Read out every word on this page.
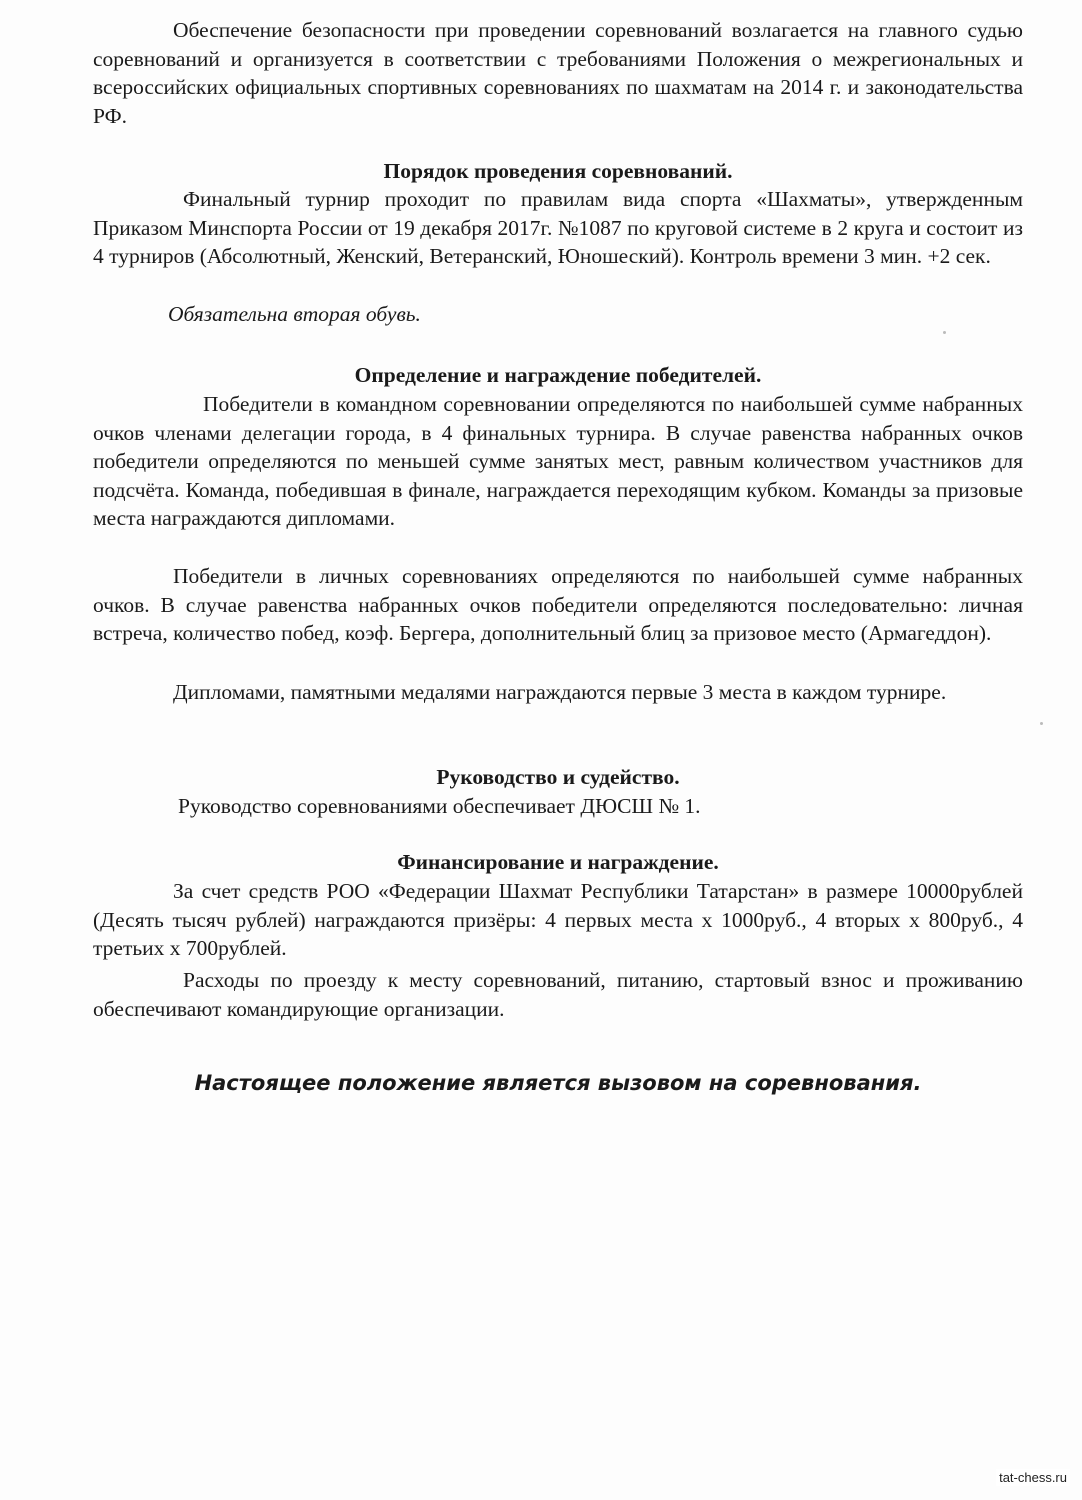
Обеспечение безопасности при проведении соревнований возлагается на главного судью соревнований и организуется в соответствии с требованиями Положения о межрегиональных и всероссийских официальных спортивных соревнованиях по шахматам на 2014 г. и законодательства РФ.

Порядок проведения соревнований.

Финальный турнир проходит по правилам вида спорта «Шахматы», утвержденным Приказом Минспорта России от 19 декабря 2017г. №1087 по круговой системе в 2 круга и состоит из 4 турниров (Абсолютный, Женский, Ветеранский, Юношеский). Контроль времени 3 мин. +2 сек.

Обязательна вторая обувь.
Определение и награждение победителей.

Победители в командном соревновании определяются по наибольшей сумме набранных очков членами делегации города, в 4 финальных турнира. В случае равенства набранных очков победители определяются по меньшей сумме занятых мест, равным количеством участников для подсчёта. Команда, победившая в финале, награждается переходящим кубком. Команды за призовые места награждаются дипломами.

Победители в личных соревнованиях определяются по наибольшей сумме набранных очков. В случае равенства набранных очков победители определяются последовательно: личная встреча, количество побед, коэф. Бергера, дополнительный блиц за призовое место (Армагеддон).

Дипломами, памятными медалями награждаются первые 3 места в каждом турнире.

Руководство и судейство.
Руководство соревнованиями обеспечивает ДЮСШ № 1.
Финансирование и награждение.

За счет средств РОО «Федерации Шахмат Республики Татарстан» в размере 10000рублей (Десять тысяч рублей) награждаются призёры: 4 первых места х 1000руб., 4 вторых х 800руб., 4 третьих х 700рублей.

Расходы по проезду к месту соревнований, питанию, стартовый взнос и проживанию обеспечивают командирующие организации.

Настоящее положение является вызовом на соревнования.
tat-chess.ru
